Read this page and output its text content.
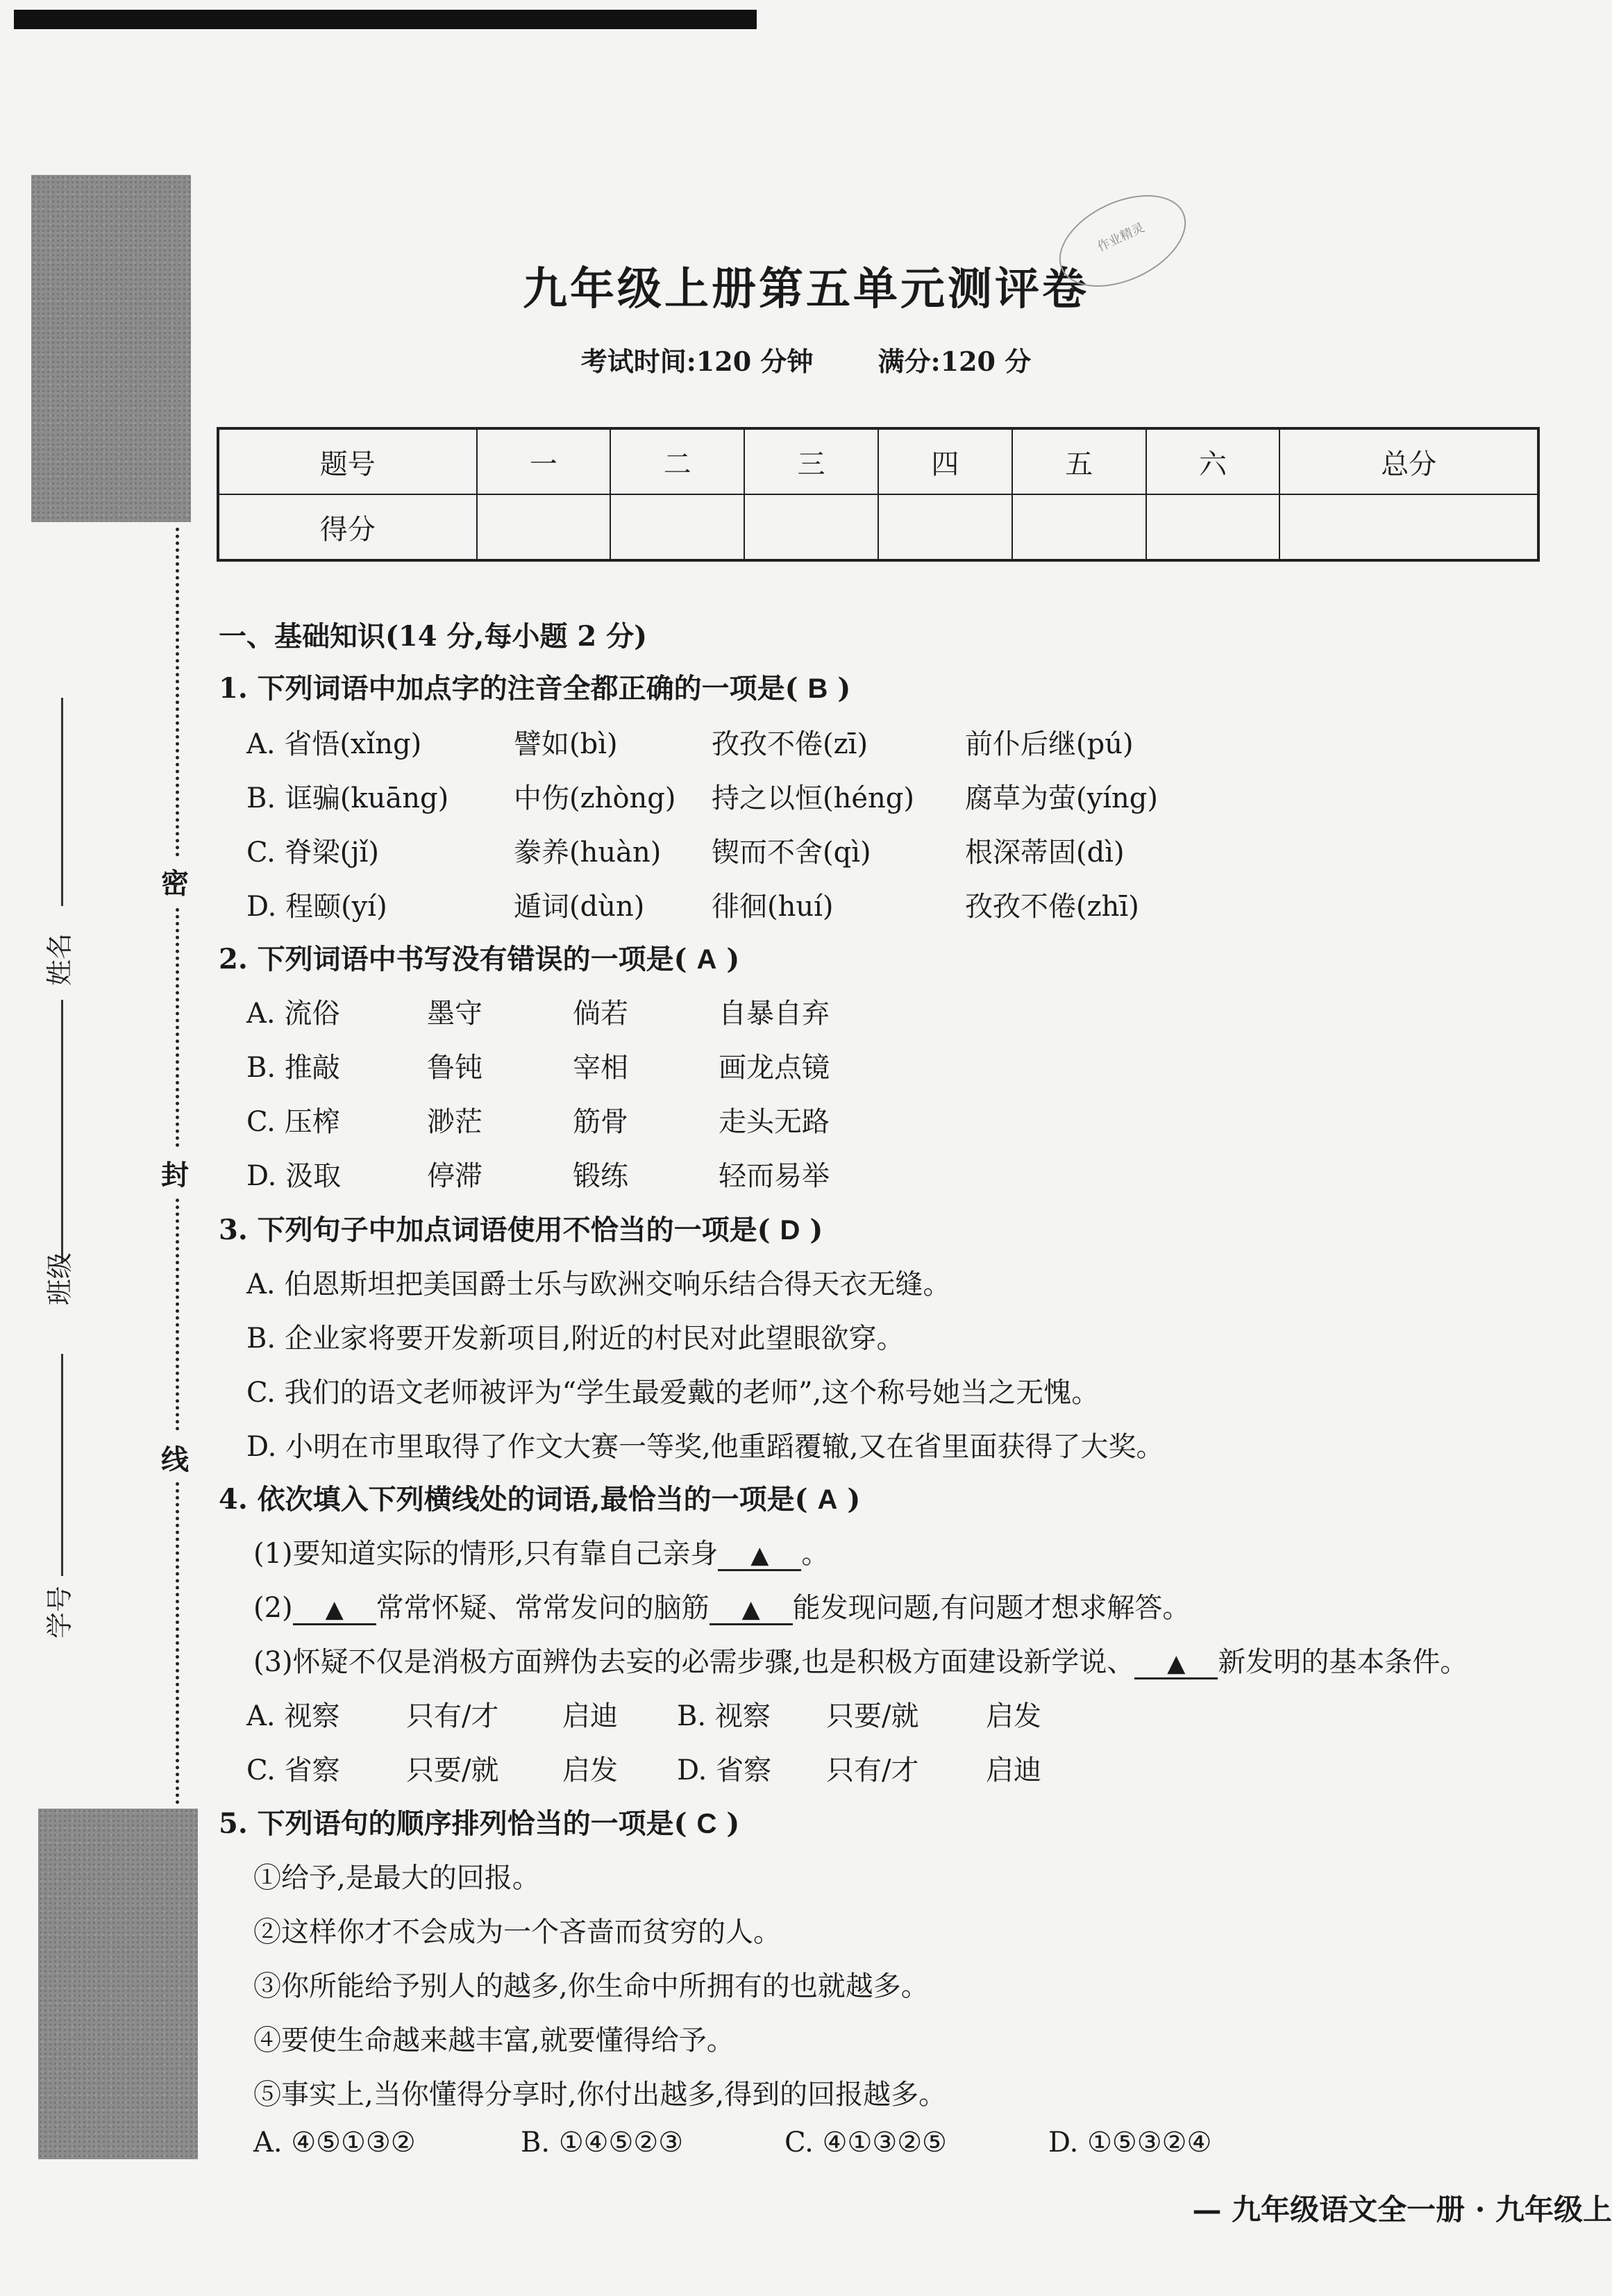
密
封
线
姓名
班级
学号
九年级上册第五单元测评卷
作业精灵
考试时间:120 分钟 满分:120 分
题号	一	二	三	四	五	六	总分
得分							
一、基础知识(14 分,每小题 2 分)
1. 下列词语中加点字的注音全都正确的一项是( B )
A. 省悟(xǐng)	譬如(bì)	孜孜不倦(zī)	前仆后继(pú)
B. 诓骗(kuāng) 中伤(zhòng) 持之以恒(héng) 腐草为萤(yíng)
C. 脊梁(jǐ)	豢养(huàn) 锲而不舍(qì)	根深蒂固(dì)
D. 程颐(yí)	遁词(dùn) 徘徊(huí)	孜孜不倦(zhī)
2. 下列词语中书写没有错误的一项是( A )
A. 流俗	墨守	倘若	自暴自弃
B. 推敲	鲁钝	宰相	画龙点镜
C. 压榨	渺茫	筋骨	走头无路
D. 汲取	停滞	锻练	轻而易举
3. 下列句子中加点词语使用不恰当的一项是( D )
A. 伯恩斯坦把美国爵士乐与欧洲交响乐结合得天衣无缝。
B. 企业家将要开发新项目,附近的村民对此望眼欲穿。
C. 我们的语文老师被评为“学生最爱戴的老师”,这个称号她当之无愧。
D. 小明在市里取得了作文大赛一等奖,他重蹈覆辙,又在省里面获得了大奖。
4. 依次填入下列横线处的词语,最恰当的一项是( A )
(1)要知道实际的情形,只有靠自己亲身 ▲ 。
(2) ▲ 常常怀疑、常常发问的脑筋 ▲ 能发现问题,有问题才想求解答。
(3)怀疑不仅是消极方面辨伪去妄的必需步骤,也是积极方面建设新学说、 ▲ 新发明的基本条件。
A. 视察 只有/才 启迪 B. 视察 只要/就 启发
C. 省察 只要/就 启发 D. 省察 只有/才 启迪
5. 下列语句的顺序排列恰当的一项是( C )
①给予,是最大的回报。
②这样你才不会成为一个吝啬而贫穷的人。
③你所能给予别人的越多,你生命中所拥有的也就越多。
④要使生命越来越丰富,就要懂得给予。
⑤事实上,当你懂得分享时,你付出越多,得到的回报越多。
A. ④⑤①③②	B. ①④⑤②③	C. ④①③②⑤	D. ①⑤③②④
— 九年级语文全一册 · 九年级上
